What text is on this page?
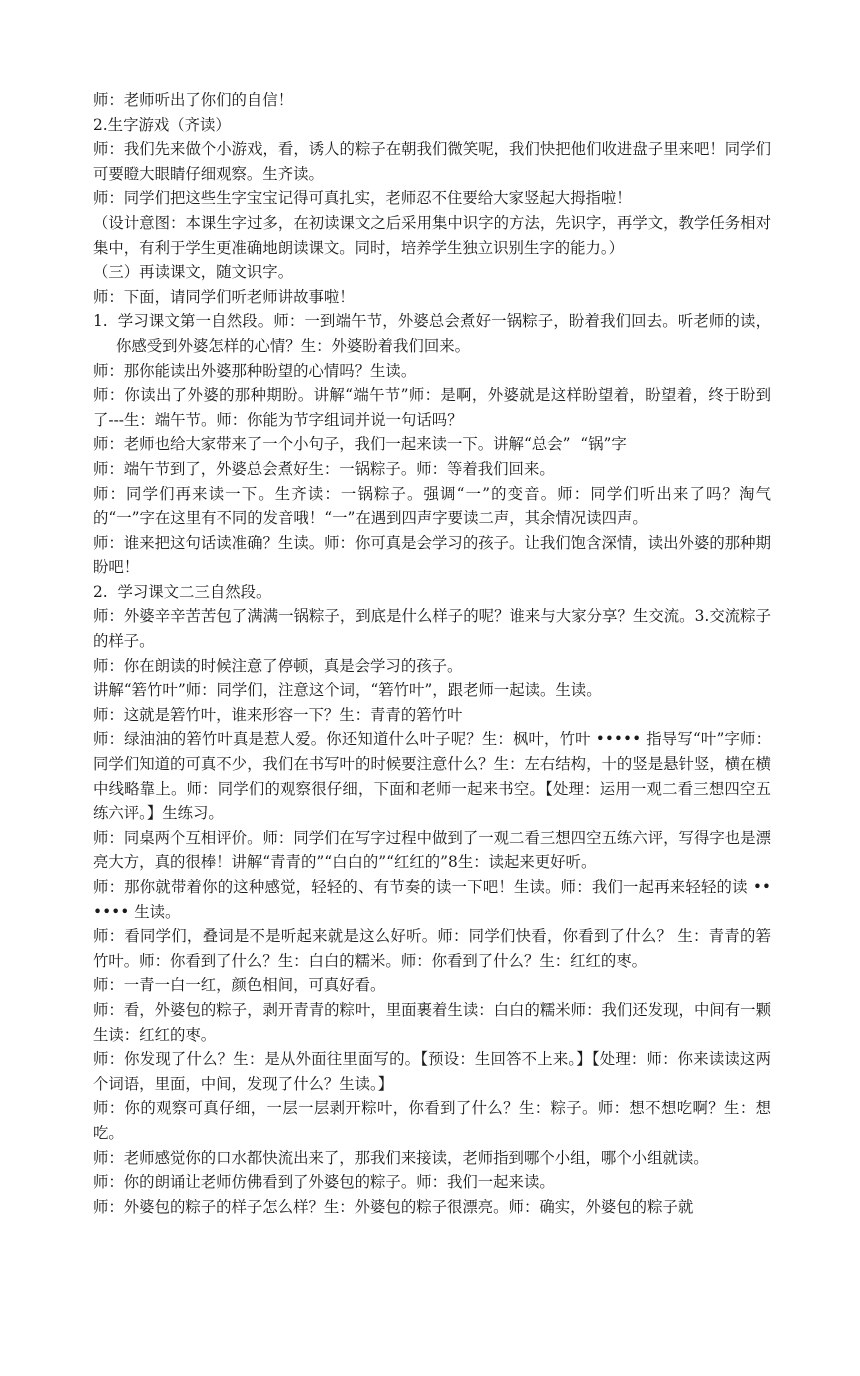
师：老师听出了你们的自信！

2.生字游戏（齐读）

师：我们先来做个小游戏，看，诱人的粽子在朝我们微笑呢，我们快把他们收进盘子里来吧！同学们可要瞪大眼睛仔细观察。生齐读。

师：同学们把这些生字宝宝记得可真扎实，老师忍不住要给大家竖起大拇指啦！

（设计意图：本课生字过多，在初读课文之后采用集中识字的方法，先识字，再学文，教学任务相对集中，有利于学生更准确地朗读课文。同时，培养学生独立识别生字的能力。）

（三）再读课文，随文识字。

师：下面，请同学们听老师讲故事啦！

1.  学习课文第一自然段。师：一到端午节，外婆总会煮好一锅粽子，盼着我们回去。听老师的读，你感受到外婆怎样的心情？生：外婆盼着我们回来。

师：那你能读出外婆那种盼望的心情吗？生读。

师：你读出了外婆的那种期盼。讲解“端午节”师：是啊，外婆就是这样盼望着，盼望着，终于盼到了---生：端午节。师：你能为节字组词并说一句话吗？

师：老师也给大家带来了一个小句子，我们一起来读一下。讲解“总会”  “锅”字

师：端午节到了，外婆总会煮好生：一锅粽子。师：等着我们回来。

师：同学们再来读一下。生齐读：一锅粽子。强调“一”的变音。师：同学们听出来了吗？淘气的“一”字在这里有不同的发音哦！“一”在遇到四声字要读二声，其余情况读四声。

师：谁来把这句话读准确？生读。师：你可真是会学习的孩子。让我们饱含深情，读出外婆的那种期盼吧！

2.  学习课文二三自然段。

师：外婆辛辛苦苦包了满满一锅粽子，到底是什么样子的呢？谁来与大家分享？生交流。3.交流粽子的样子。

师：你在朗读的时候注意了停顿，真是会学习的孩子。

讲解“箬竹叶”师：同学们，注意这个词，“箬竹叶”，跟老师一起读。生读。

师：这就是箬竹叶，谁来形容一下？生：青青的箬竹叶

师：绿油油的箬竹叶真是惹人爱。你还知道什么叶子呢？生：枫叶，竹叶 ••••• 指导写“叶”字师：同学们知道的可真不少，我们在书写叶的时候要注意什么？生：左右结构，十的竖是悬针竖，横在横中线略靠上。师：同学们的观察很仔细，下面和老师一起来书空。【处理：运用一观二看三想四空五练六评。】生练习。

师：同桌两个互相评价。师：同学们在写字过程中做到了一观二看三想四空五练六评，写得字也是漂亮大方，真的很棒！讲解“青青的”“白白的”“红红的”8生：读起来更好听。

师：那你就带着你的这种感觉，轻轻的、有节奏的读一下吧！生读。师：我们一起再来轻轻的读 •••••• 生读。

师：看同学们，叠词是不是听起来就是这么好听。师：同学们快看，你看到了什么？ 生：青青的箬竹叶。师：你看到了什么？生：白白的糯米。师：你看到了什么？生：红红的枣。

师：一青一白一红，颜色相间，可真好看。

师：看，外婆包的粽子，剥开青青的粽叶，里面裹着生读：白白的糯米师：我们还发现，中间有一颗生读：红红的枣。

师：你发现了什么？生：是从外面往里面写的。【预设：生回答不上来。】【处理：师：你来读读这两个词语，里面，中间，发现了什么？生读。】

师：你的观察可真仔细，一层一层剥开粽叶，你看到了什么？生：粽子。师：想不想吃啊？生：想吃。

师：老师感觉你的口水都快流出来了，那我们来接读，老师指到哪个小组，哪个小组就读。

师：你的朗诵让老师仿佛看到了外婆包的粽子。师：我们一起来读。

师：外婆包的粽子的样子怎么样？生：外婆包的粽子很漂亮。师：确实，外婆包的粽子就
